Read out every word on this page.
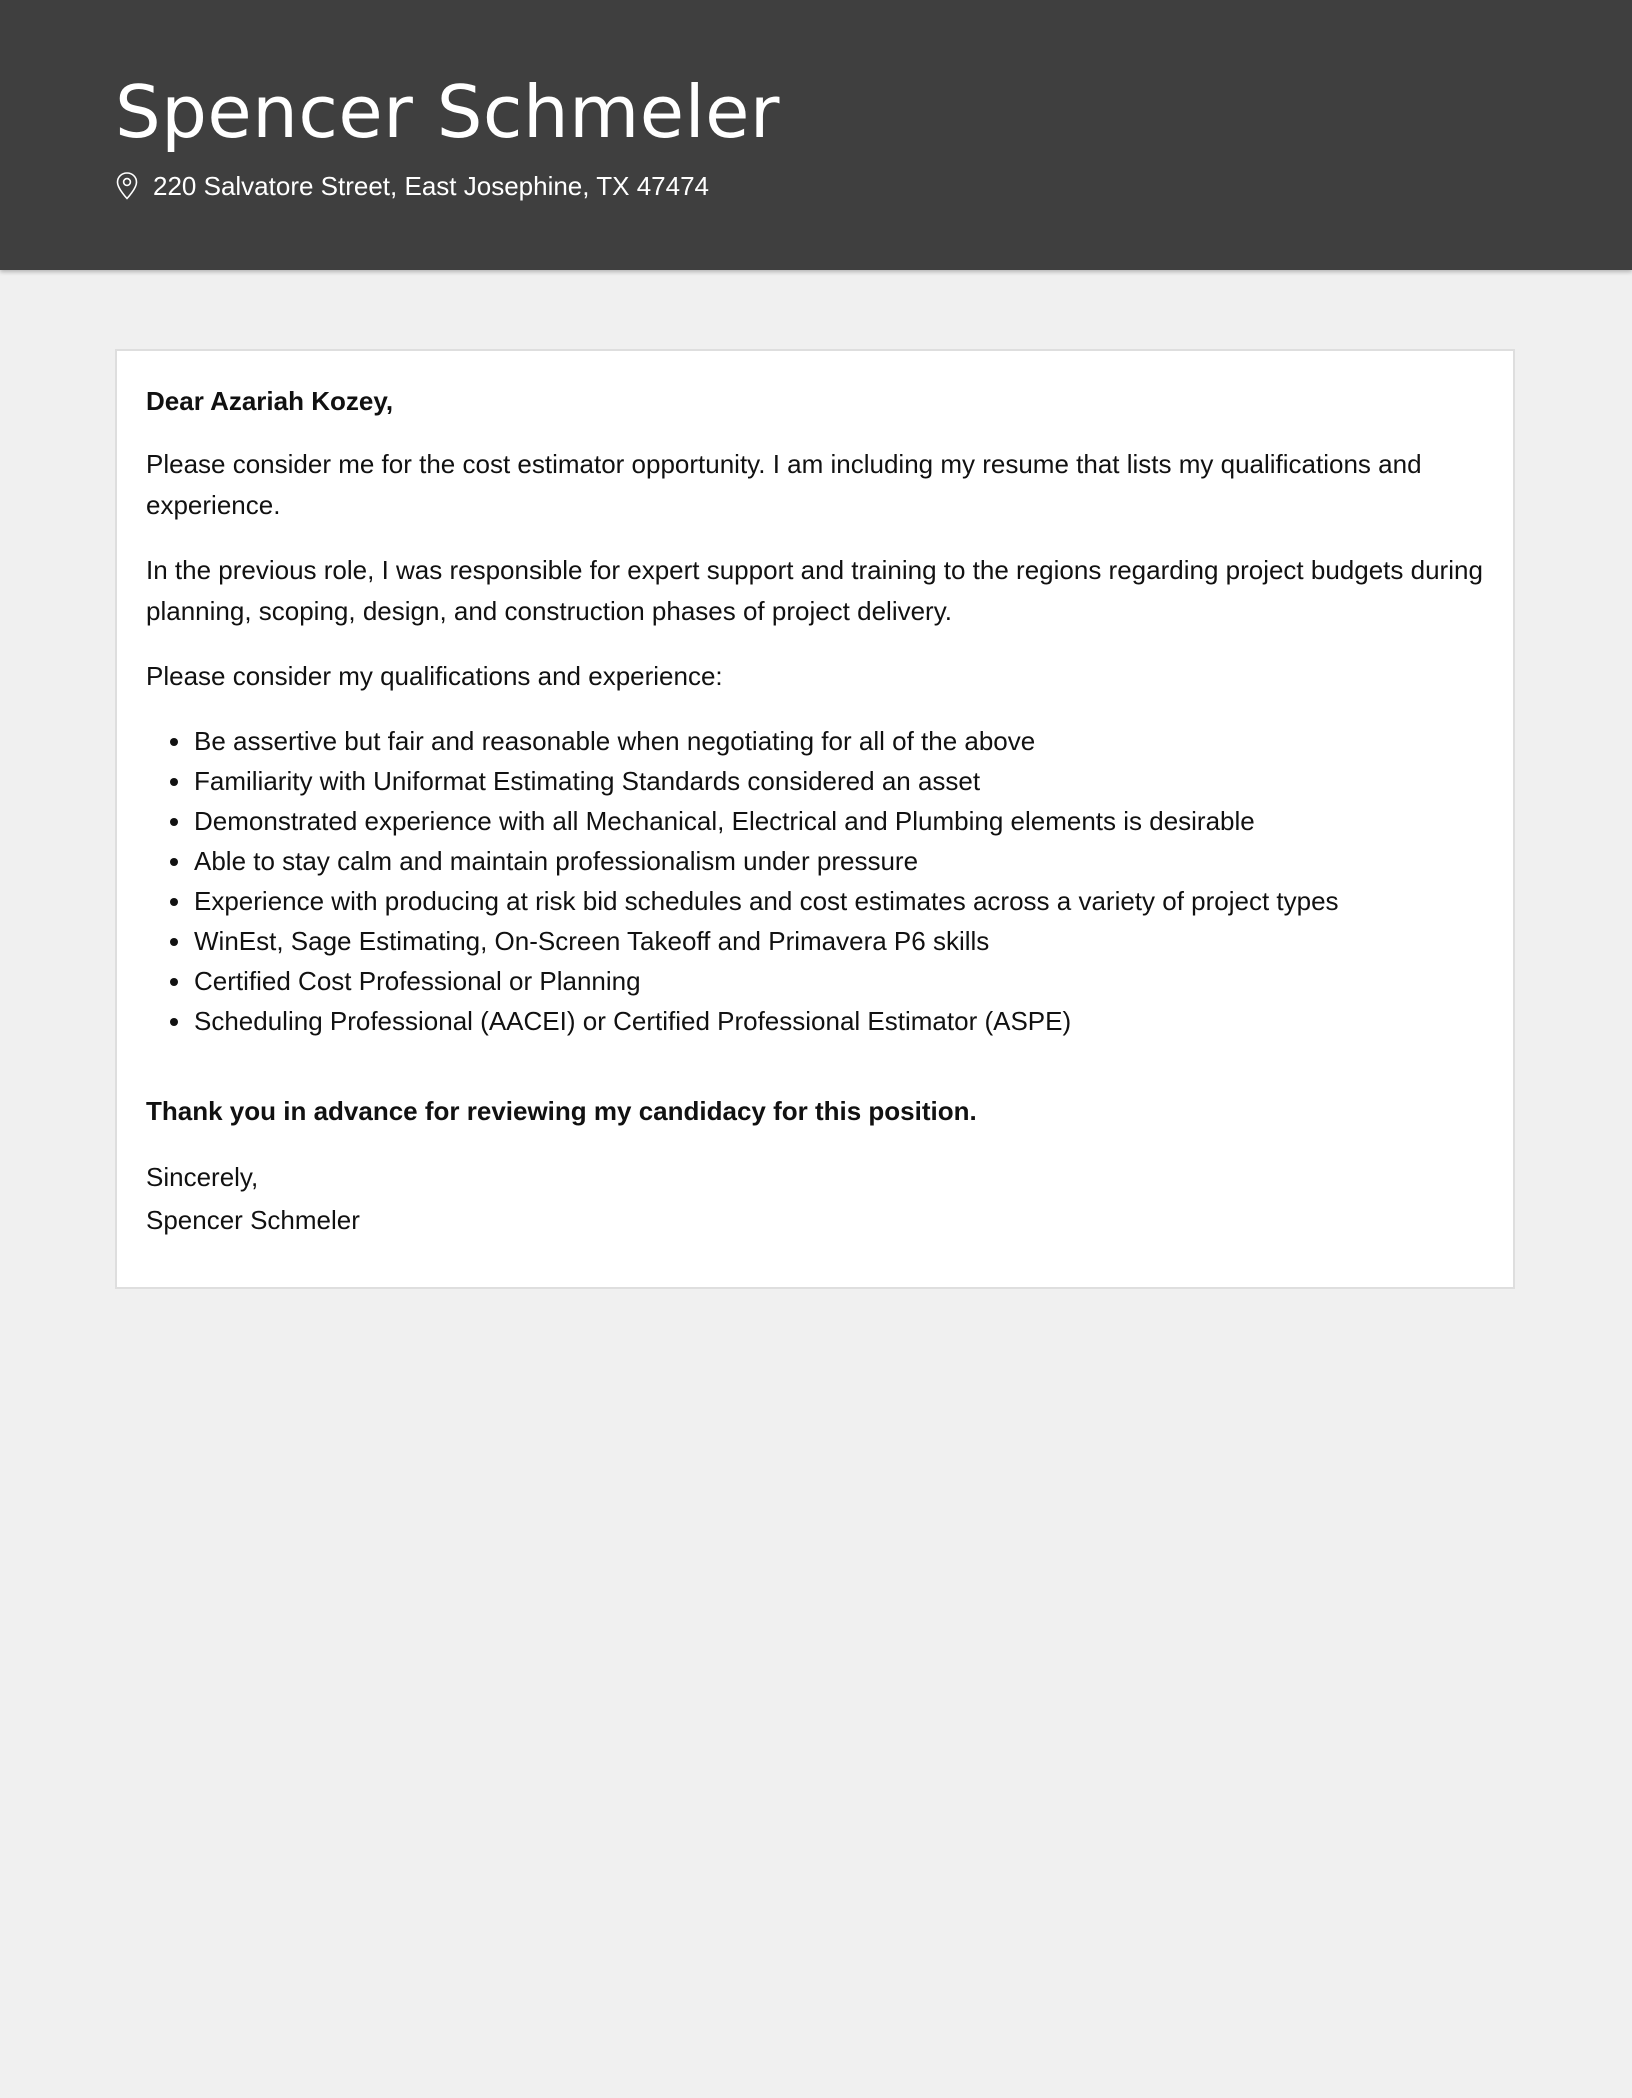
Spencer Schmeler
220 Salvatore Street, East Josephine, TX 47474

Dear Azariah Kozey,

Please consider me for the cost estimator opportunity. I am including my resume that lists my qualifications and experience.

In the previous role, I was responsible for expert support and training to the regions regarding project budgets during planning, scoping, design, and construction phases of project delivery.

Please consider my qualifications and experience:

Be assertive but fair and reasonable when negotiating for all of the above
Familiarity with Uniformat Estimating Standards considered an asset
Demonstrated experience with all Mechanical, Electrical and Plumbing elements is desirable
Able to stay calm and maintain professionalism under pressure
Experience with producing at risk bid schedules and cost estimates across a variety of project types
WinEst, Sage Estimating, On-Screen Takeoff and Primavera P6 skills
Certified Cost Professional or Planning
Scheduling Professional (AACEI) or Certified Professional Estimator (ASPE)

Thank you in advance for reviewing my candidacy for this position.

Sincerely,

Spencer Schmeler
